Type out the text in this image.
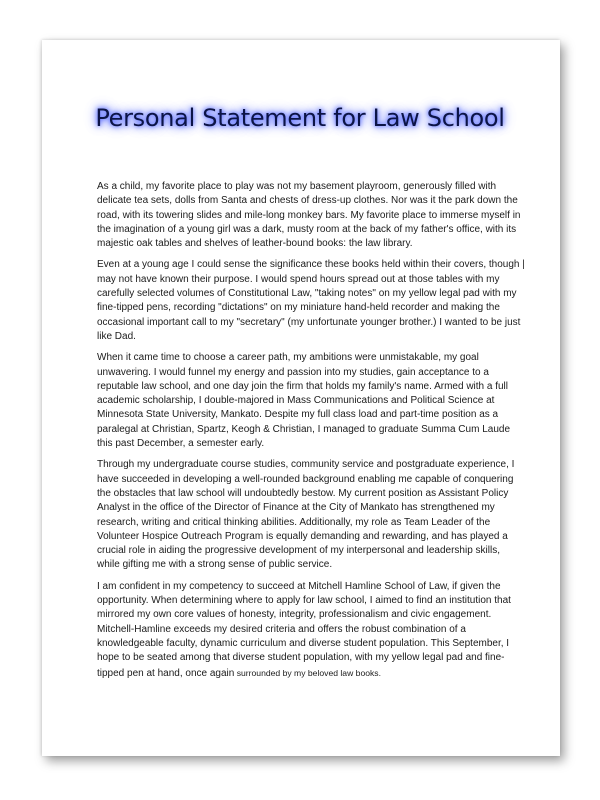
Personal Statement for Law School

As a child, my favorite place to play was not my basement playroom, generously filled with delicate tea sets, dolls from Santa and chests of dress-up clothes. Nor was it the park down the road, with its towering slides and mile-long monkey bars. My favorite place to immerse myself in the imagination of a young girl was a dark, musty room at the back of my father's office, with its majestic oak tables and shelves of leather-bound books: the law library.

Even at a young age I could sense the significance these books held within their covers, though | may not have known their purpose. I would spend hours spread out at those tables with my carefully selected volumes of Constitutional Law, "taking notes" on my yellow legal pad with my fine-tipped pens, recording "dictations" on my miniature hand-held recorder and making the occasional important call to my "secretary" (my unfortunate younger brother.) I wanted to be just like Dad.

When it came time to choose a career path, my ambitions were unmistakable, my goal unwavering. I would funnel my energy and passion into my studies, gain acceptance to a reputable law school, and one day join the firm that holds my family's name. Armed with a full academic scholarship, I double-majored in Mass Communications and Political Science at Minnesota State University, Mankato. Despite my full class load and part-time position as a paralegal at Christian, Spartz, Keogh & Christian, I managed to graduate Summa Cum Laude this past December, a semester early.

Through my undergraduate course studies, community service and postgraduate experience, I have succeeded in developing a well-rounded background enabling me capable of conquering the obstacles that law school will undoubtedly bestow. My current position as Assistant Policy Analyst in the office of the Director of Finance at the City of Mankato has strengthened my research, writing and critical thinking abilities. Additionally, my role as Team Leader of the Volunteer Hospice Outreach Program is equally demanding and rewarding, and has played a crucial role in aiding the progressive development of my interpersonal and leadership skills, while gifting me with a strong sense of public service.

I am confident in my competency to succeed at Mitchell Hamline School of Law, if given the opportunity. When determining where to apply for law school, I aimed to find an institution that mirrored my own core values of honesty, integrity, professionalism and civic engagement. Mitchell-Hamline exceeds my desired criteria and offers the robust combination of a knowledgeable faculty, dynamic curriculum and diverse student population. This September, I hope to be seated among that diverse student population, with my yellow legal pad and fine-tipped pen at hand, once again surrounded by my beloved law books.
